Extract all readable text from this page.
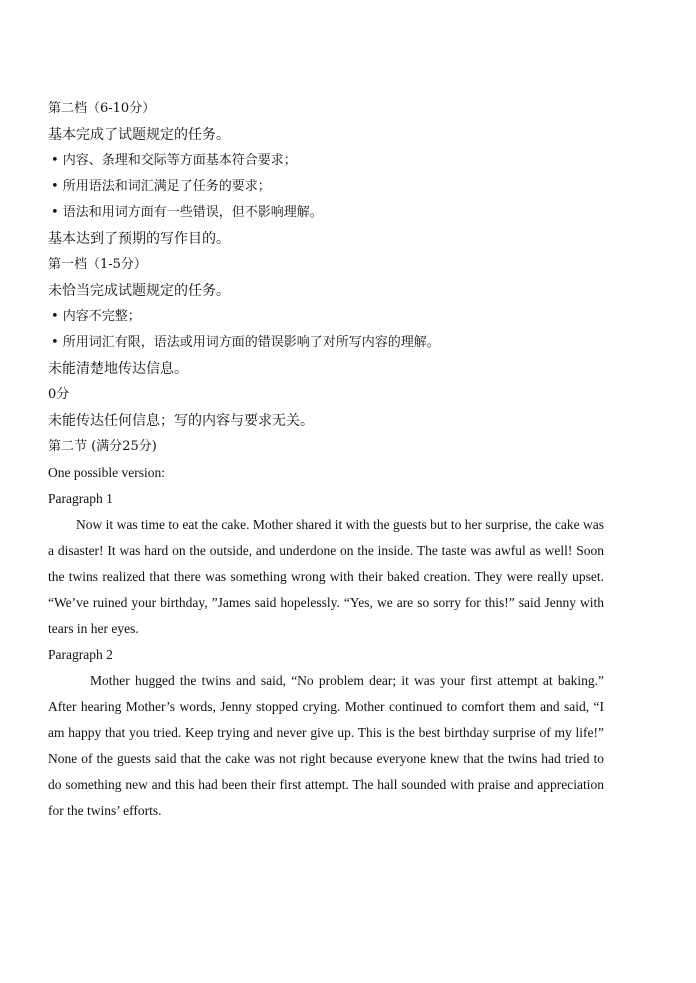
第二档（6-10分）
基本完成了试题规定的任务。
• 内容、条理和交际等方面基本符合要求；
• 所用语法和词汇满足了任务的要求；
• 语法和用词方面有一些错误，但不影响理解。
基本达到了预期的写作目的。
第一档（1-5分）
未恰当完成试题规定的任务。
• 内容不完整；
• 所用词汇有限，语法或用词方面的错误影响了对所写内容的理解。
未能清楚地传达信息。
0分
未能传达任何信息；写的内容与要求无关。
第二节 (满分25分)
One possible version:
Paragraph 1

Now it was time to eat the cake. Mother shared it with the guests but to her surprise, the cake was a disaster! It was hard on the outside, and underdone on the inside. The taste was awful as well! Soon the twins realized that there was something wrong with their baked creation. They were really upset. “We’ve ruined your birthday, ”James said hopelessly. “Yes, we are so sorry for this!” said Jenny with tears in her eyes.

Paragraph 2

Mother hugged the twins and said, “No problem dear; it was your first attempt at baking.” After hearing Mother’s words, Jenny stopped crying. Mother continued to comfort them and said, “I am happy that you tried. Keep trying and never give up. This is the best birthday surprise of my life!” None of the guests said that the cake was not right because everyone knew that the twins had tried to do something new and this had been their first attempt. The hall sounded with praise and appreciation for the twins’ efforts.
